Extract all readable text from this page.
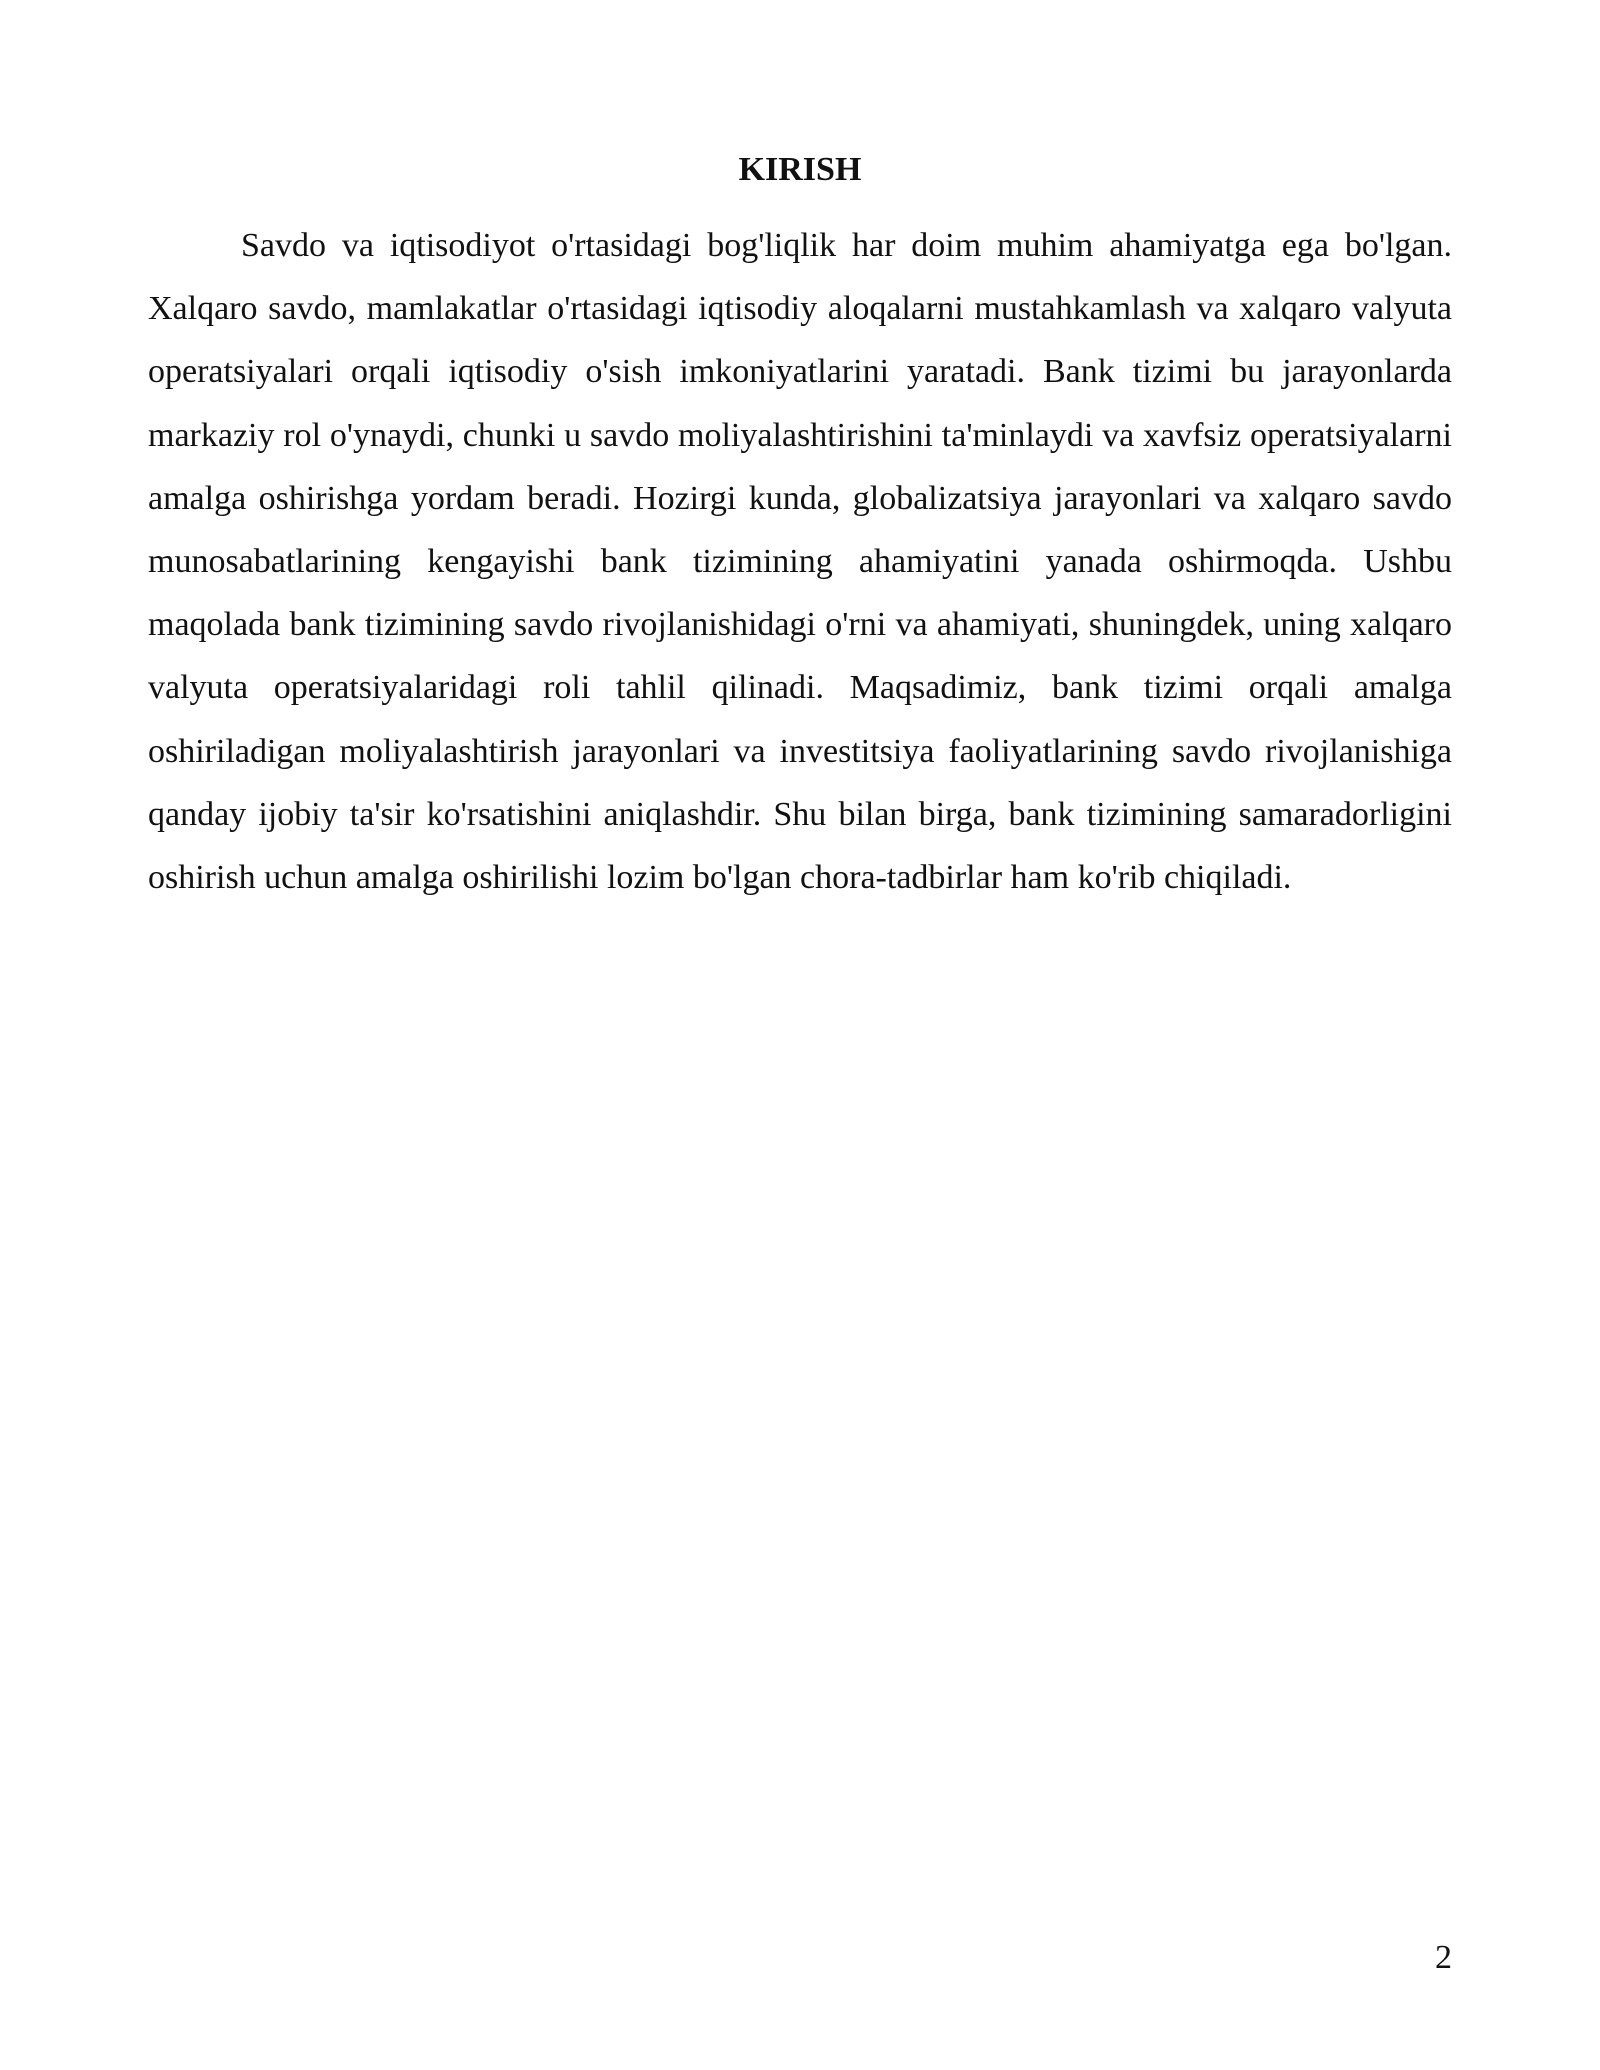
KIRISH

Savdo va iqtisodiyot o'rtasidagi bog'liqlik har doim muhim ahamiyatga ega bo'lgan. Xalqaro savdo, mamlakatlar o'rtasidagi iqtisodiy aloqalarni mustahkamlash va xalqaro valyuta operatsiyalari orqali iqtisodiy o'sish imkoniyatlarini yaratadi. Bank tizimi bu jarayonlarda markaziy rol o'ynaydi, chunki u savdo moliyalashtirishini ta'minlaydi va xavfsiz operatsiyalarni amalga oshirishga yordam beradi. Hozirgi kunda, globalizatsiya jarayonlari va xalqaro savdo munosabatlarining kengayishi bank tizimining ahamiyatini yanada oshirmoqda. Ushbu maqolada bank tizimining savdo rivojlanishidagi o'rni va ahamiyati, shuningdek, uning xalqaro valyuta operatsiyalaridagi roli tahlil qilinadi. Maqsadimiz, bank tizimi orqali amalga oshiriladigan moliyalashtirish jarayonlari va investitsiya faoliyatlarining savdo rivojlanishiga qanday ijobiy ta'sir ko'rsatishini aniqlashdir. Shu bilan birga, bank tizimining samaradorligini oshirish uchun amalga oshirilishi lozim bo'lgan chora-tadbirlar ham ko'rib chiqiladi.

2
